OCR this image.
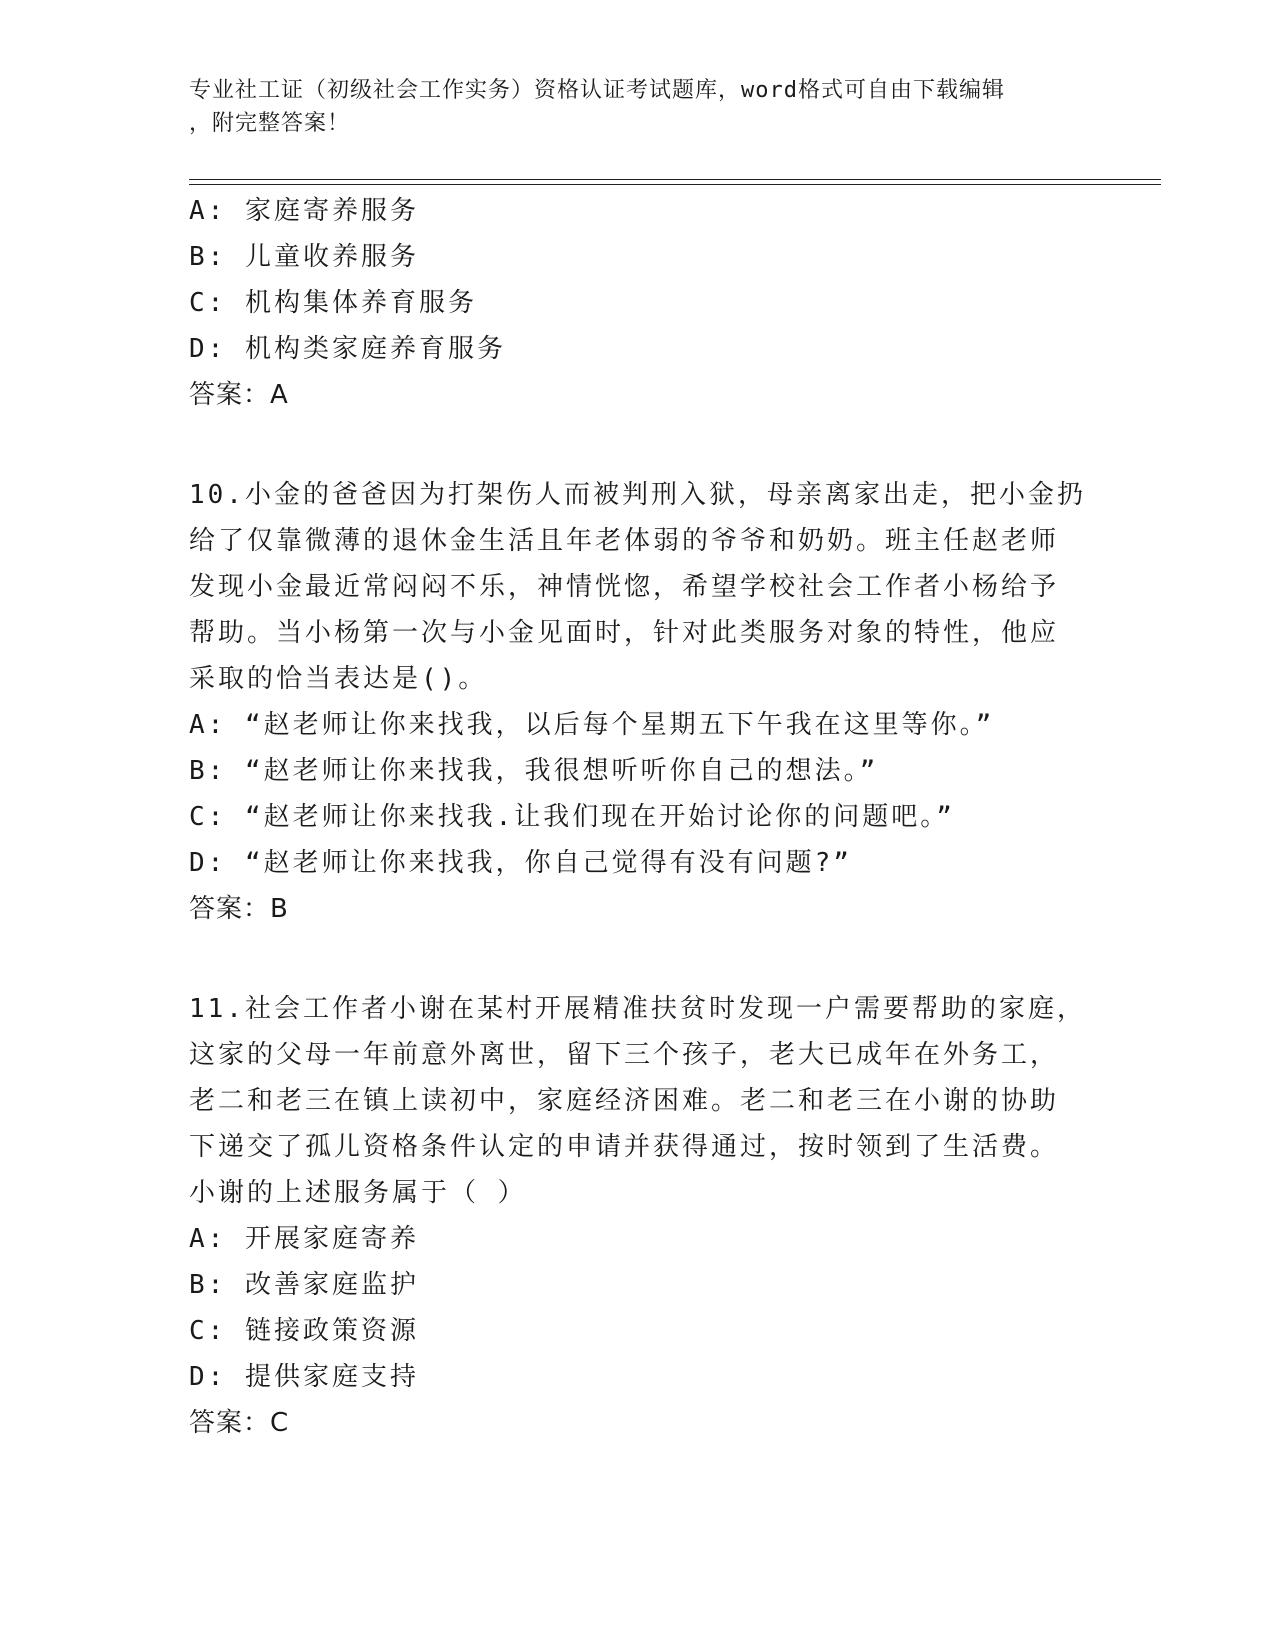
专业社工证（初级社会工作实务）资格认证考试题库，word格式可自由下载编辑
，附完整答案！
A: 家庭寄养服务
B: 儿童收养服务
C: 机构集体养育服务
D: 机构类家庭养育服务
答案：A
10.小金的爸爸因为打架伤人而被判刑入狱，母亲离家出走，把小金扔
给了仅靠微薄的退休金生活且年老体弱的爷爷和奶奶。班主任赵老师
发现小金最近常闷闷不乐，神情恍惚，希望学校社会工作者小杨给予
帮助。当小杨第一次与小金见面时，针对此类服务对象的特性，他应
采取的恰当表达是()。
A: “赵老师让你来找我，以后每个星期五下午我在这里等你。”
B: “赵老师让你来找我，我很想听听你自己的想法。”
C: “赵老师让你来找我.让我们现在开始讨论你的问题吧。”
D: “赵老师让你来找我，你自己觉得有没有问题?”
答案：B
11.社会工作者小谢在某村开展精准扶贫时发现一户需要帮助的家庭，
这家的父母一年前意外离世，留下三个孩子，老大已成年在外务工，
老二和老三在镇上读初中，家庭经济困难。老二和老三在小谢的协助
下递交了孤儿资格条件认定的申请并获得通过，按时领到了生活费。
小谢的上述服务属于（ ）
A: 开展家庭寄养
B: 改善家庭监护
C: 链接政策资源
D: 提供家庭支持
答案：C
